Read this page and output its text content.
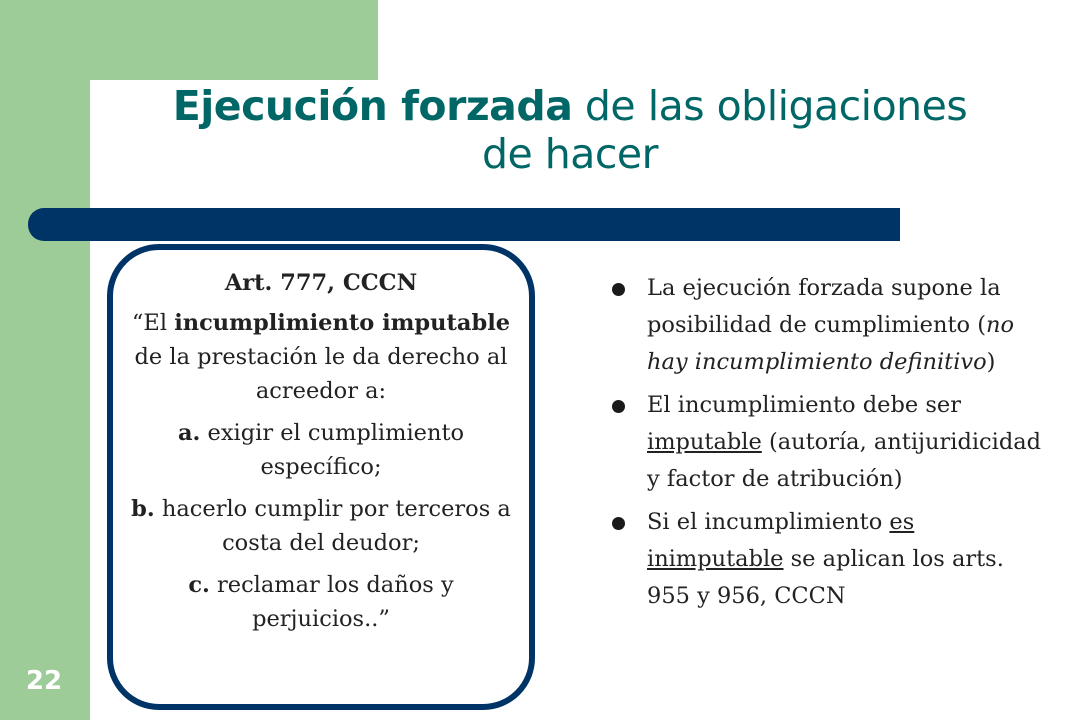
Ejecución forzada de las obligaciones
de hacer

Art. 777, CCCN

“El incumplimiento imputable de la prestación le da derecho al acreedor a:

a. exigir el cumplimiento específico;

b. hacerlo cumplir por terceros a costa del deudor;

c. reclamar los daños y perjuicios..”

La ejecución forzada supone la posibilidad de cumplimiento (no hay incumplimiento definitivo)
El incumplimiento debe ser imputable (autoría, antijuridicidad y factor de atribución)
Si el incumplimiento es inimputable se aplican los arts. 955 y 956, CCCN
22
